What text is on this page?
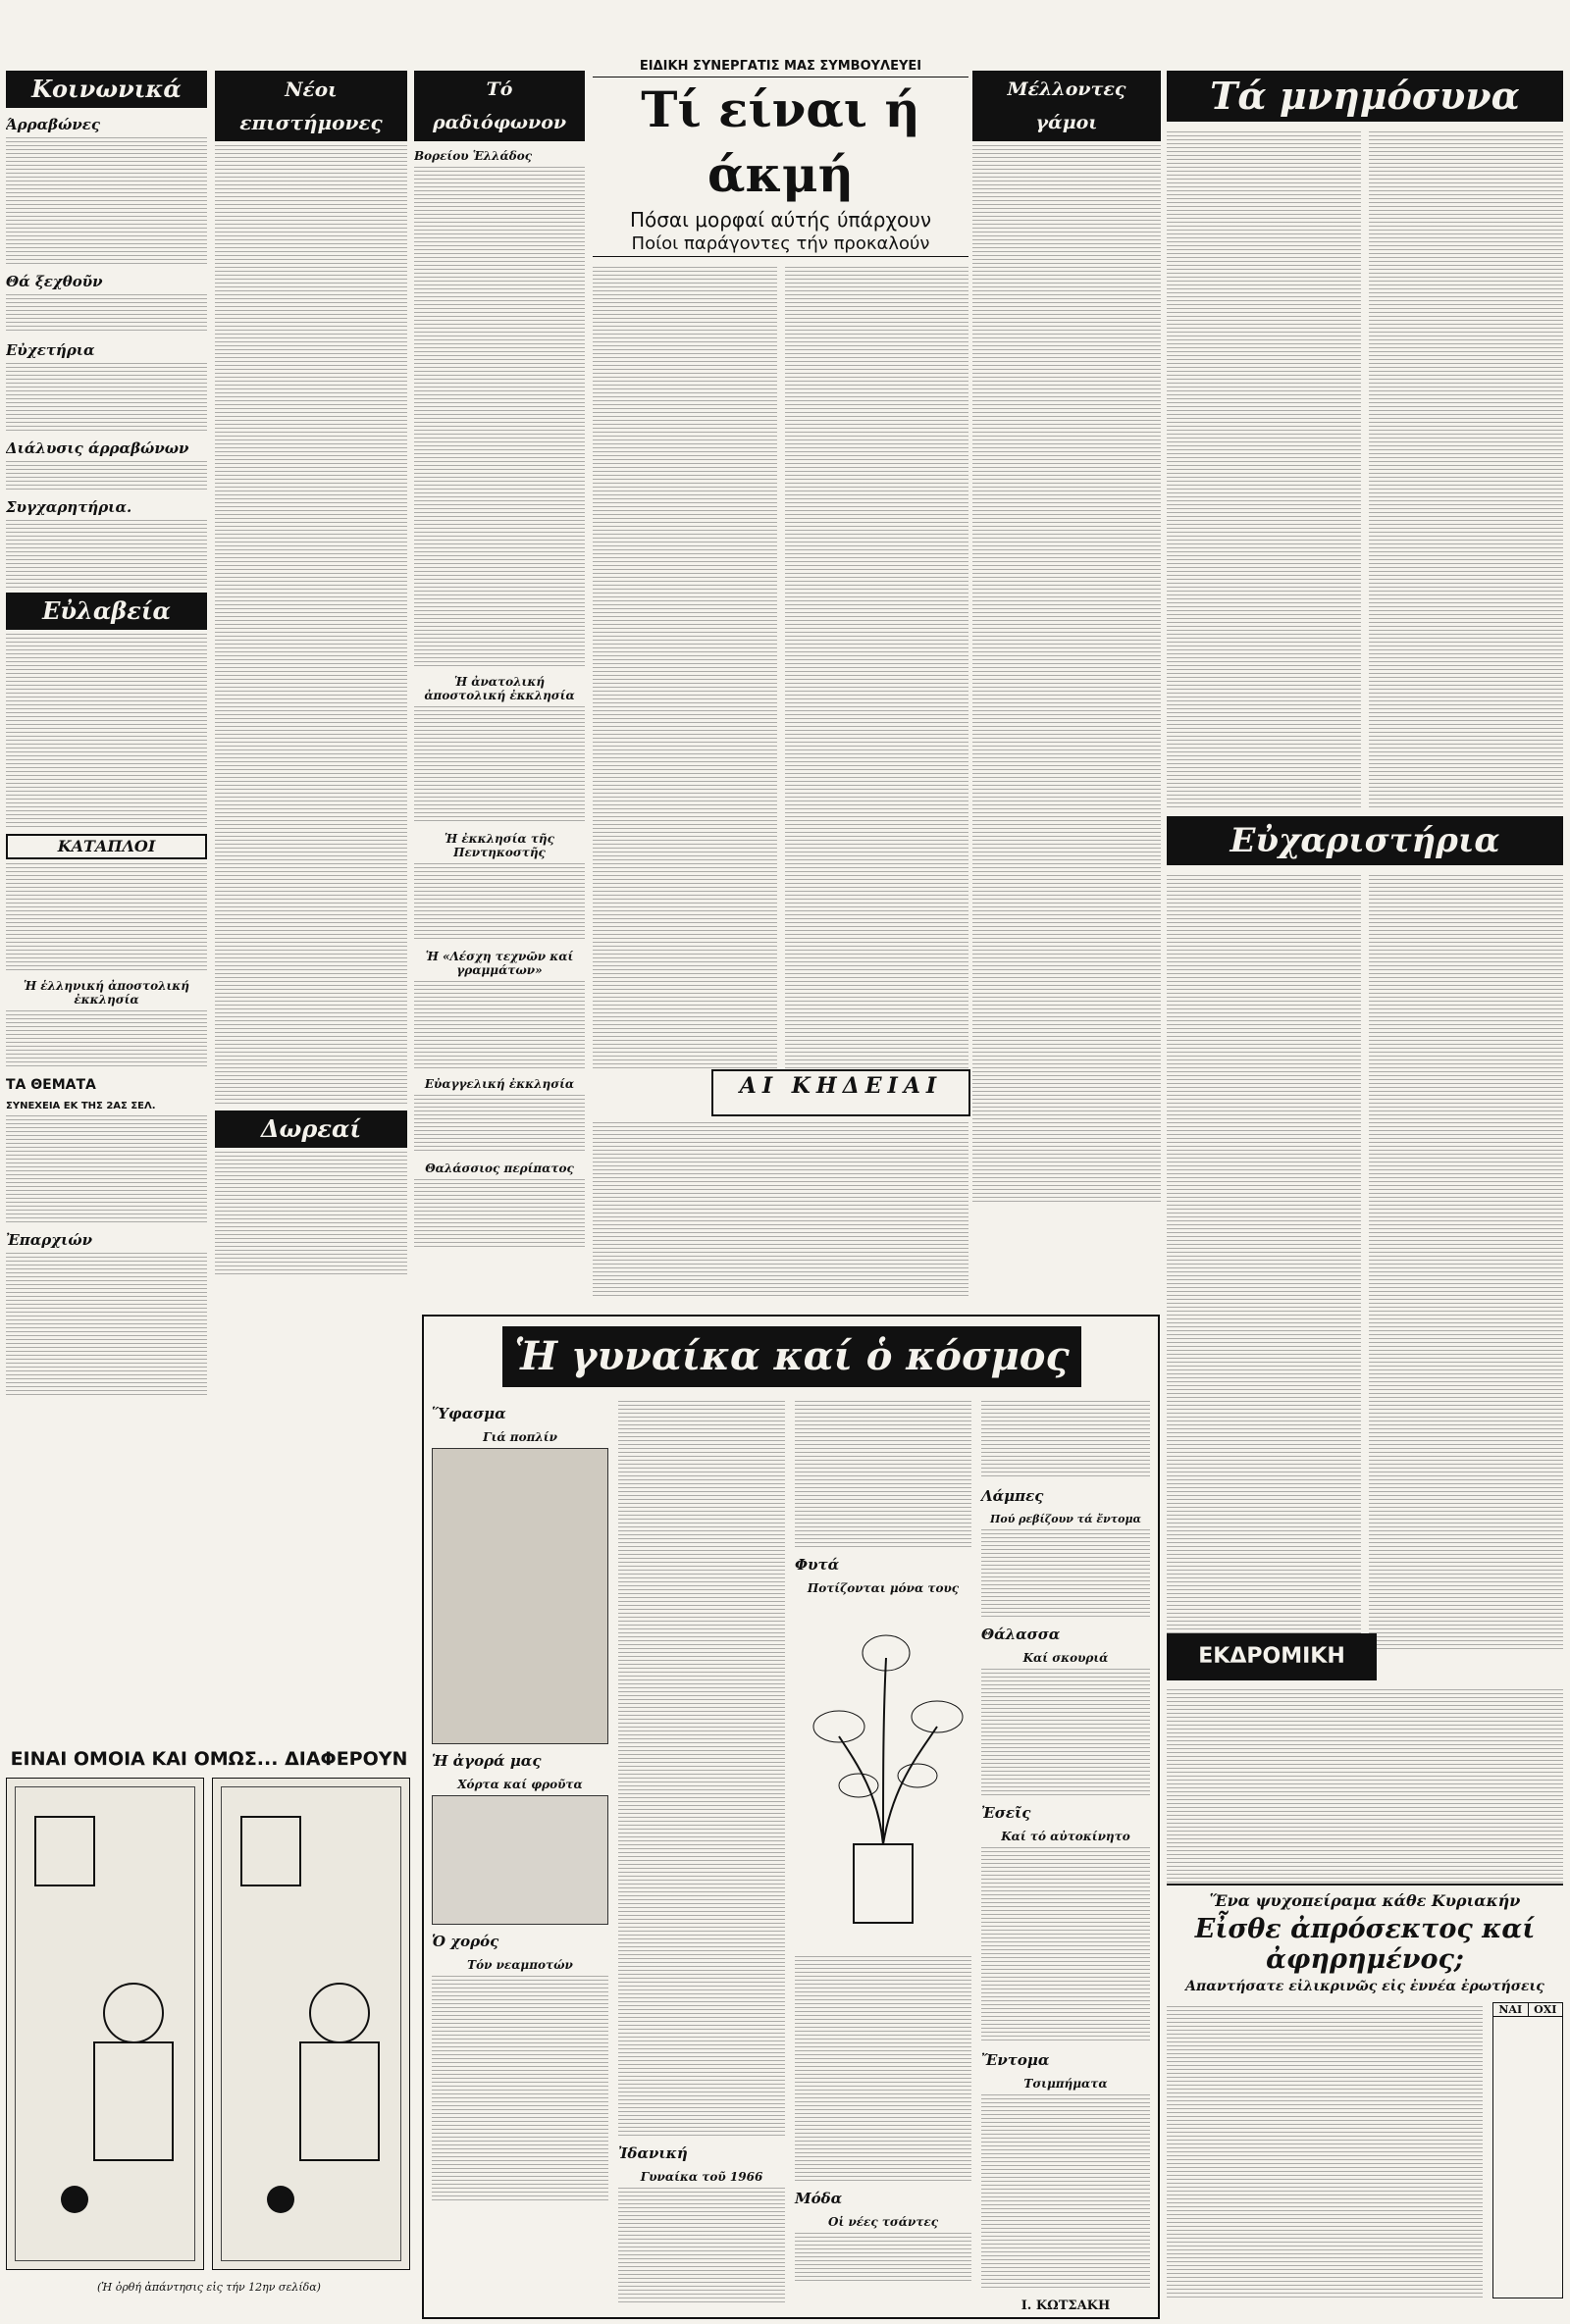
Κοινωνικά
Άρραβώνες
Θά ξεχθοῦν
Εὐχετήρια
Διάλυσις άρραβώνων
Συγχαρητήρια.
Εὐλαβεία
ΚΑΤΑΠΛΟΙ
Ἡ ἑλληνική ἀποστολική ἐκκλησία
ΤΑ ΘΕΜΑΤΑ
ΣΥΝΕΧΕΙΑ ΕΚ ΤΗΣ 2ΑΣ ΣΕΛ.
Ἐπαρχιών
Νέοι επιστήμονες
Δωρεαί
Τό ραδιόφωνον
Βορείου Ἑλλάδος
Ἡ ἀνατολική ἀποστολική ἐκκλησία
Ἡ ἐκκλησία τῆς Πεντηκοστῆς
Ἡ «Λέσχη τεχνῶν καί γραμμάτων»
Εὐαγγελική ἐκκλησία
Θαλάσσιος περίπατος
ΕΙΔΙΚΗ ΣΥΝΕΡΓΑΤΙΣ ΜΑΣ ΣΥΜΒΟΥΛΕΥΕΙ
Τί είναι ή άκμή
Πόσαι μορφαί αύτής ύπάρχουν
Ποίοι παράγοντες τήν προκαλούν
Μέλλοντες γάμοι
ΑΙ ΚΗΔΕΙΑΙ
Τά μνημόσυνα
Εὐχαριστήρια
ΕΚΔΡΟΜΙΚΗ ΚΙΝΗΣΙΣ
Ἕνα ψυχοπείραμα κάθε Κυριακήν
Εἶσθε ἀπρόσεκτος καί ἀφηρημένος;
Απαντήσατε εἰλικρινῶς εἰς ἐννέα ἐρωτήσεις
ΝΑΙ	ΟΧΙ
Ἡ γυναίκα καί ὁ κόσμος της
Ὕφασμα
Γιά ποπλίν
Ἡ ἀγορά μας
Χόρτα καί φροῦτα
Ὁ χορός
Τόν νεαμποτών
Ἰδανική
Γυναίκα τοῦ 1966
Φυτά
Ποτίζονται μόνα τους
Μόδα
Οἱ νέες τσάντες
Λάμπες
Πού ρεβίζουν τά ἔντομα
Θάλασσα
Καί σκουριά
Ἐσεῖς
Καί τό αὐτοκίνητο
Ἔντομα
Τσιμπήματα
Ι. ΚΩΤΣΑΚΗ
ΕΙΝΑΙ ΟΜΟΙΑ ΚΑΙ ΟΜΩΣ... ΔΙΑΦΕΡΟΥΝ
(Ἡ ὀρθή ἀπάντησις εἰς τήν 12ην σελίδα)
